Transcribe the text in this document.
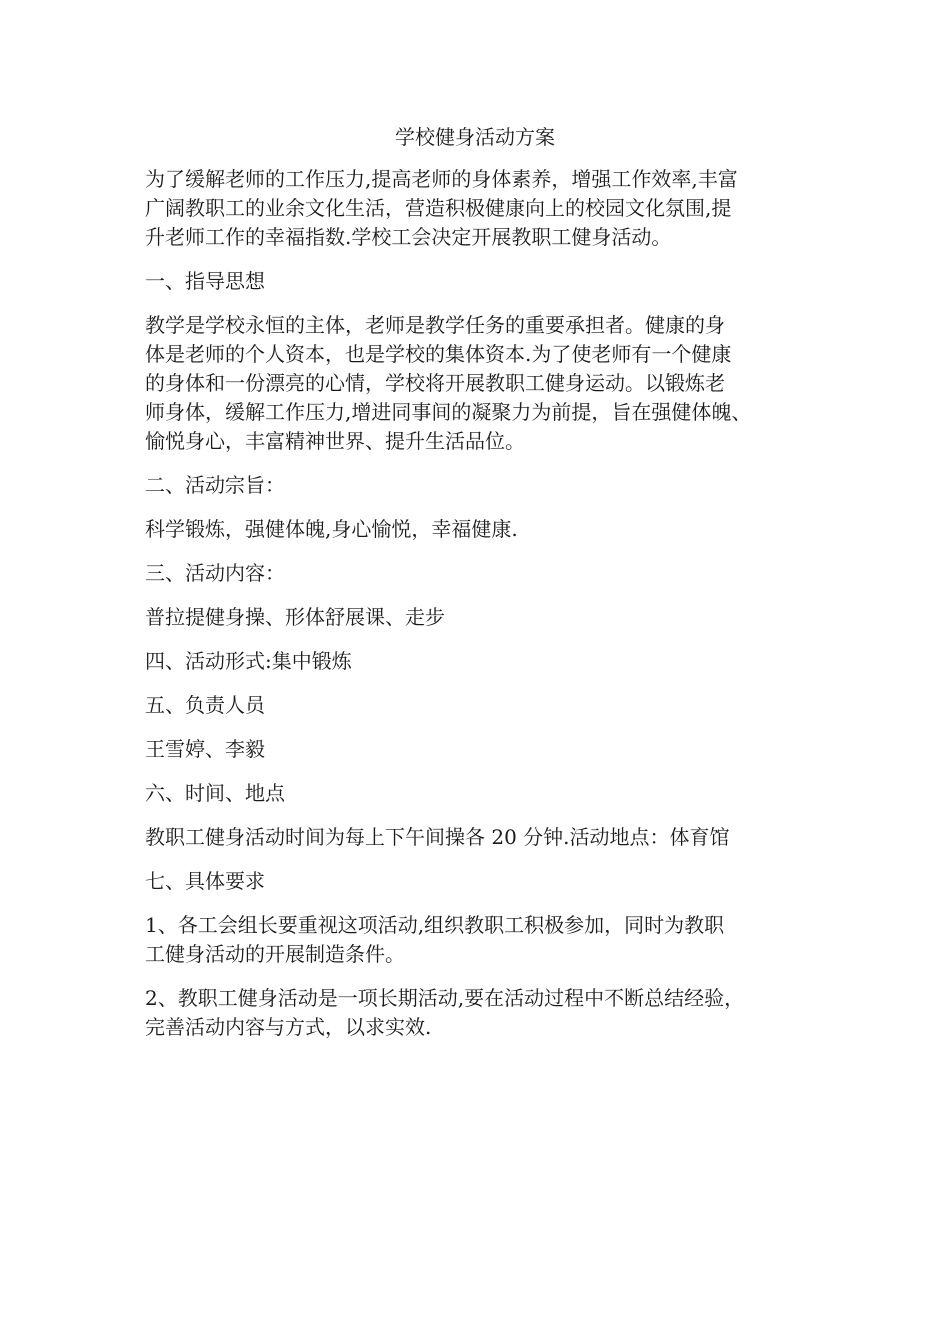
学校健身活动方案

为了缓解老师的工作压力,提高老师的身体素养，增强工作效率,丰富
广阔教职工的业余文化生活，营造积极健康向上的校园文化氛围,提
升老师工作的幸福指数.学校工会决定开展教职工健身活动。

一、指导思想

教学是学校永恒的主体，老师是教学任务的重要承担者。健康的身
体是老师的个人资本，也是学校的集体资本.为了使老师有一个健康
的身体和一份漂亮的心情，学校将开展教职工健身运动。以锻炼老
师身体，缓解工作压力,增进同事间的凝聚力为前提，旨在强健体魄、
愉悦身心，丰富精神世界、提升生活品位。

二、活动宗旨：

科学锻炼，强健体魄,身心愉悦，幸福健康.

三、活动内容：

普拉提健身操、形体舒展课、走步

四、活动形式:集中锻炼

五、负责人员

王雪婷、李毅

六、时间、地点

教职工健身活动时间为每上下午间操各 20 分钟.活动地点：体育馆

七、具体要求

1、各工会组长要重视这项活动,组织教职工积极参加，同时为教职
工健身活动的开展制造条件。

2、教职工健身活动是一项长期活动,要在活动过程中不断总结经验，
完善活动内容与方式，以求实效.
